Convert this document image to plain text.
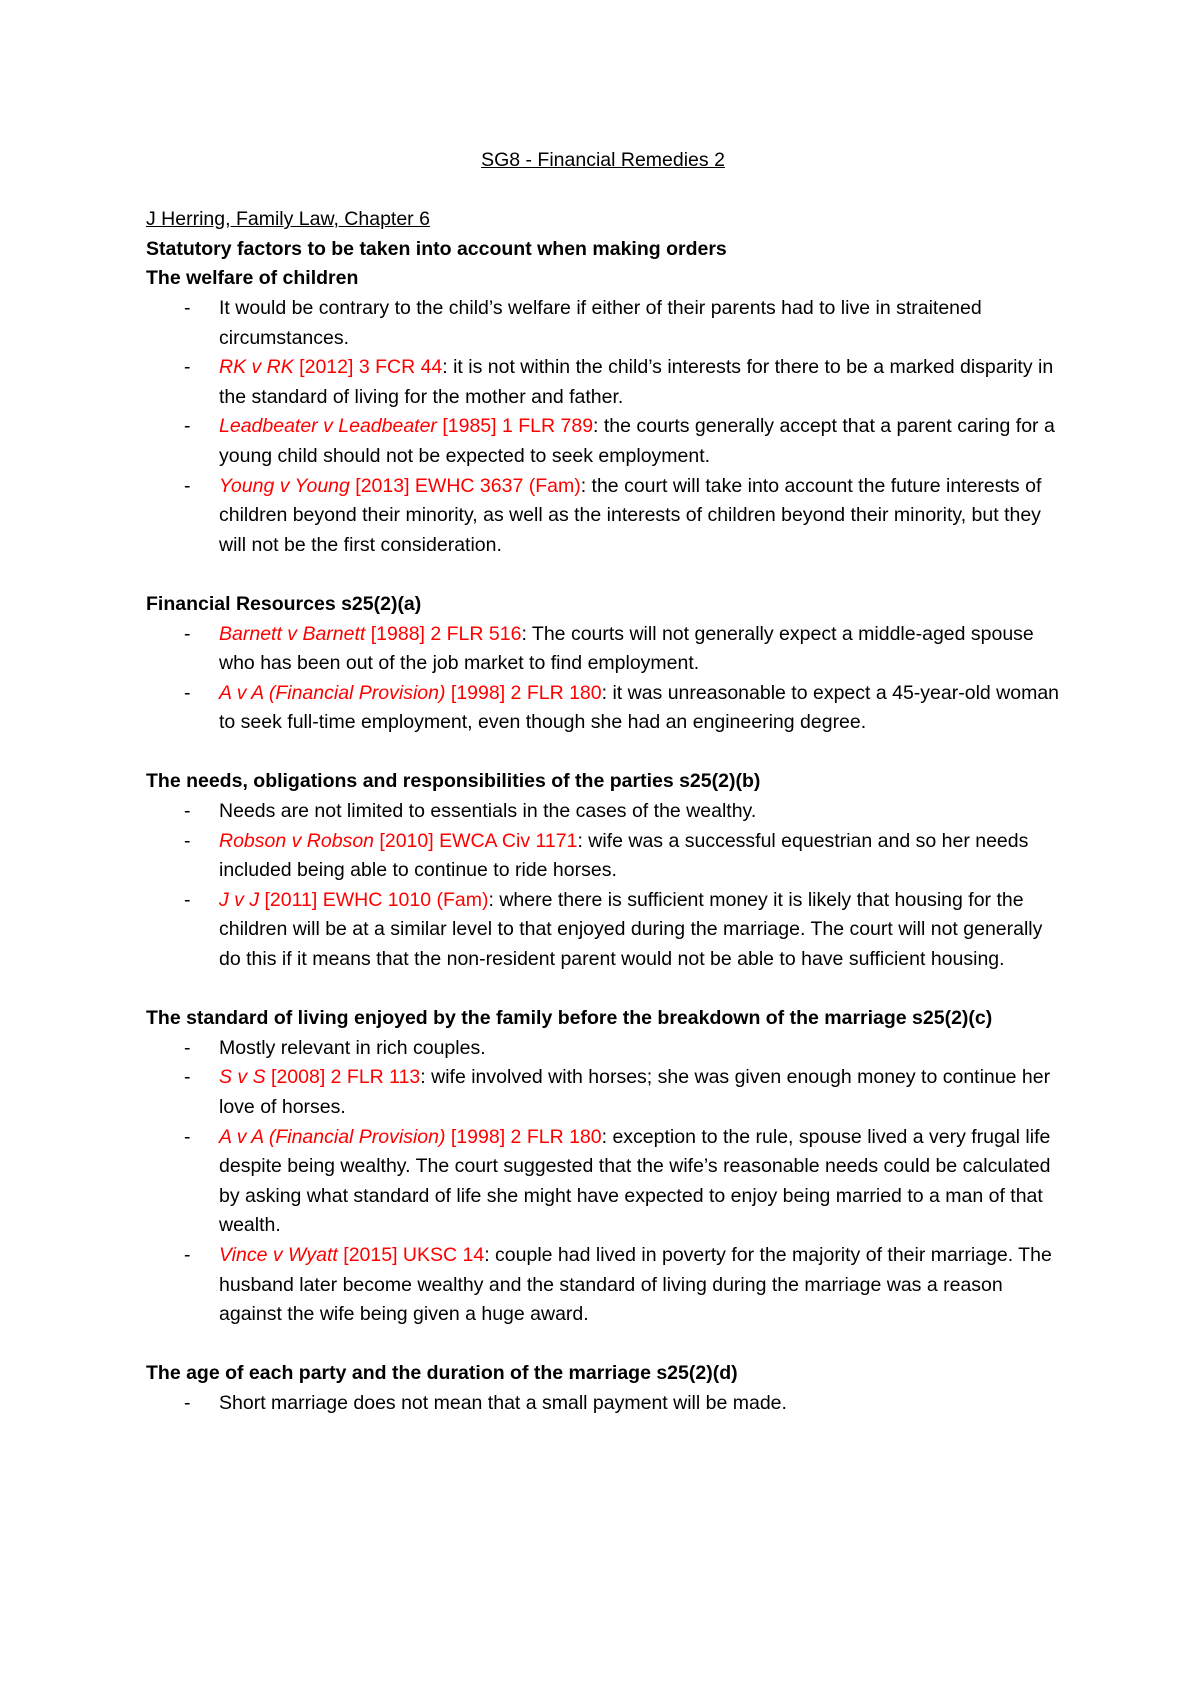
SG8 - Financial Remedies 2

J Herring, Family Law, Chapter 6

Statutory factors to be taken into account when making orders

The welfare of children

- It would be contrary to the child’s welfare if either of their parents had to live in straitened circumstances.
- RK v RK [2012] 3 FCR 44: it is not within the child’s interests for there to be a marked disparity in the standard of living for the mother and father.
- Leadbeater v Leadbeater [1985] 1 FLR 789: the courts generally accept that a parent caring for a young child should not be expected to seek employment.
- Young v Young [2013] EWHC 3637 (Fam): the court will take into account the future interests of children beyond their minority, as well as the interests of children beyond their minority, but they will not be the first consideration.

Financial Resources s25(2)(a)

- Barnett v Barnett [1988] 2 FLR 516: The courts will not generally expect a middle-aged spouse who has been out of the job market to find employment.
- A v A (Financial Provision) [1998] 2 FLR 180: it was unreasonable to expect a 45-year-old woman to seek full-time employment, even though she had an engineering degree.

The needs, obligations and responsibilities of the parties s25(2)(b)

- Needs are not limited to essentials in the cases of the wealthy.
- Robson v Robson [2010] EWCA Civ 1171: wife was a successful equestrian and so her needs included being able to continue to ride horses.
- J v J [2011] EWHC 1010 (Fam): where there is sufficient money it is likely that housing for the children will be at a similar level to that enjoyed during the marriage. The court will not generally do this if it means that the non-resident parent would not be able to have sufficient housing.

The standard of living enjoyed by the family before the breakdown of the marriage s25(2)(c)

- Mostly relevant in rich couples.
- S v S [2008] 2 FLR 113: wife involved with horses; she was given enough money to continue her love of horses.
- A v A (Financial Provision) [1998] 2 FLR 180: exception to the rule, spouse lived a very frugal life despite being wealthy. The court suggested that the wife’s reasonable needs could be calculated by asking what standard of life she might have expected to enjoy being married to a man of that wealth.
- Vince v Wyatt [2015] UKSC 14: couple had lived in poverty for the majority of their marriage. The husband later become wealthy and the standard of living during the marriage was a reason against the wife being given a huge award.

The age of each party and the duration of the marriage s25(2)(d)

- Short marriage does not mean that a small payment will be made.
